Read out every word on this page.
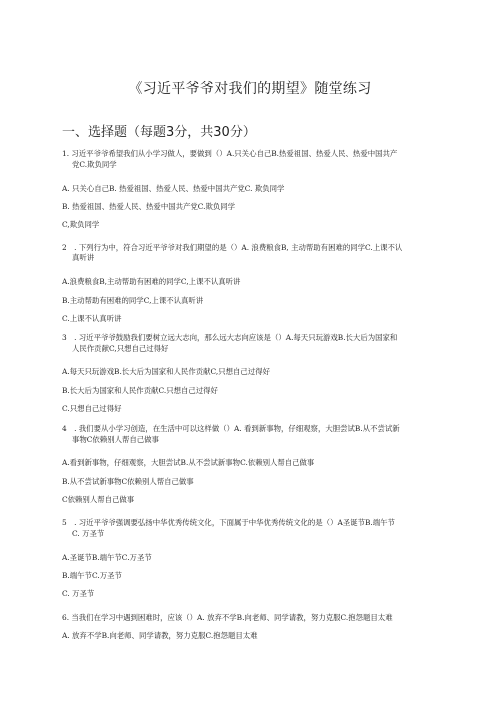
《习近平爷爷对我们的期望》随堂练习
一、选择题（每题3分，共30分）
1. 习近平爷爷希望我们从小学习做人，要做到（）A.只关心自己B.热爱祖国、热爱人民、热爱中国共产
党C.欺负同学
A. 只关心自己B. 热爱祖国、热爱人民、热爱中国共产党C. 欺负同学
B. 热爱祖国、热爱人民、热爱中国共产党C.欺负同学
C,欺负同学
2　. 下列行为中，符合习近平爷爷对我们期望的是（）A. 浪费粮食B, 主动帮助有困难的同学C.上课不认
真听讲
A.浪费粮食B,主动帮助有困难的同学C,上课不认真听讲
B.主动帮助有困难的同学C,上课不认真听讲
C.上课不认真听讲
3　. 习近平爷爷鼓励我们要树立远大志向，那么远大志向应该是（）A.每天只玩游戏B.长大后为国家和
人民作贡献C,只想自己过得好
A.每天只玩游戏B.长大后为国家和人民作贡献C,只想自己过得好
B.长大后为国家和人民作贡献C.只想自己过得好
C.只想自己过得好
4　. 我们要从小学习创造，在生活中可以这样做（）A. 看到新事物，仔细观察，大胆尝试B.从不尝试新
事物C依赖别人帮自己做事
A.看到新事物，仔细观察，大胆尝试B.从不尝试新事物C.依赖别人帮自己做事
B.从不尝试新事物C依赖别人帮自己做事
C依赖别人帮自己做事
5　. 习近平爷爷强调要弘扬中华优秀传统文化，下面属于中华优秀传统文化的是（）A圣诞节B.端午节
C. 万圣节
A.圣诞节B.端午节C.万圣节
B.端午节C.万圣节
C. 万圣节
6. 当我们在学习中遇到困难时，应该（）A. 放弃不学B.向老师、同学请教，努力克服C.抱怨题目太难
A. 放弃不学B.向老师、同学请教，努力克服C.抱怨题目太难
